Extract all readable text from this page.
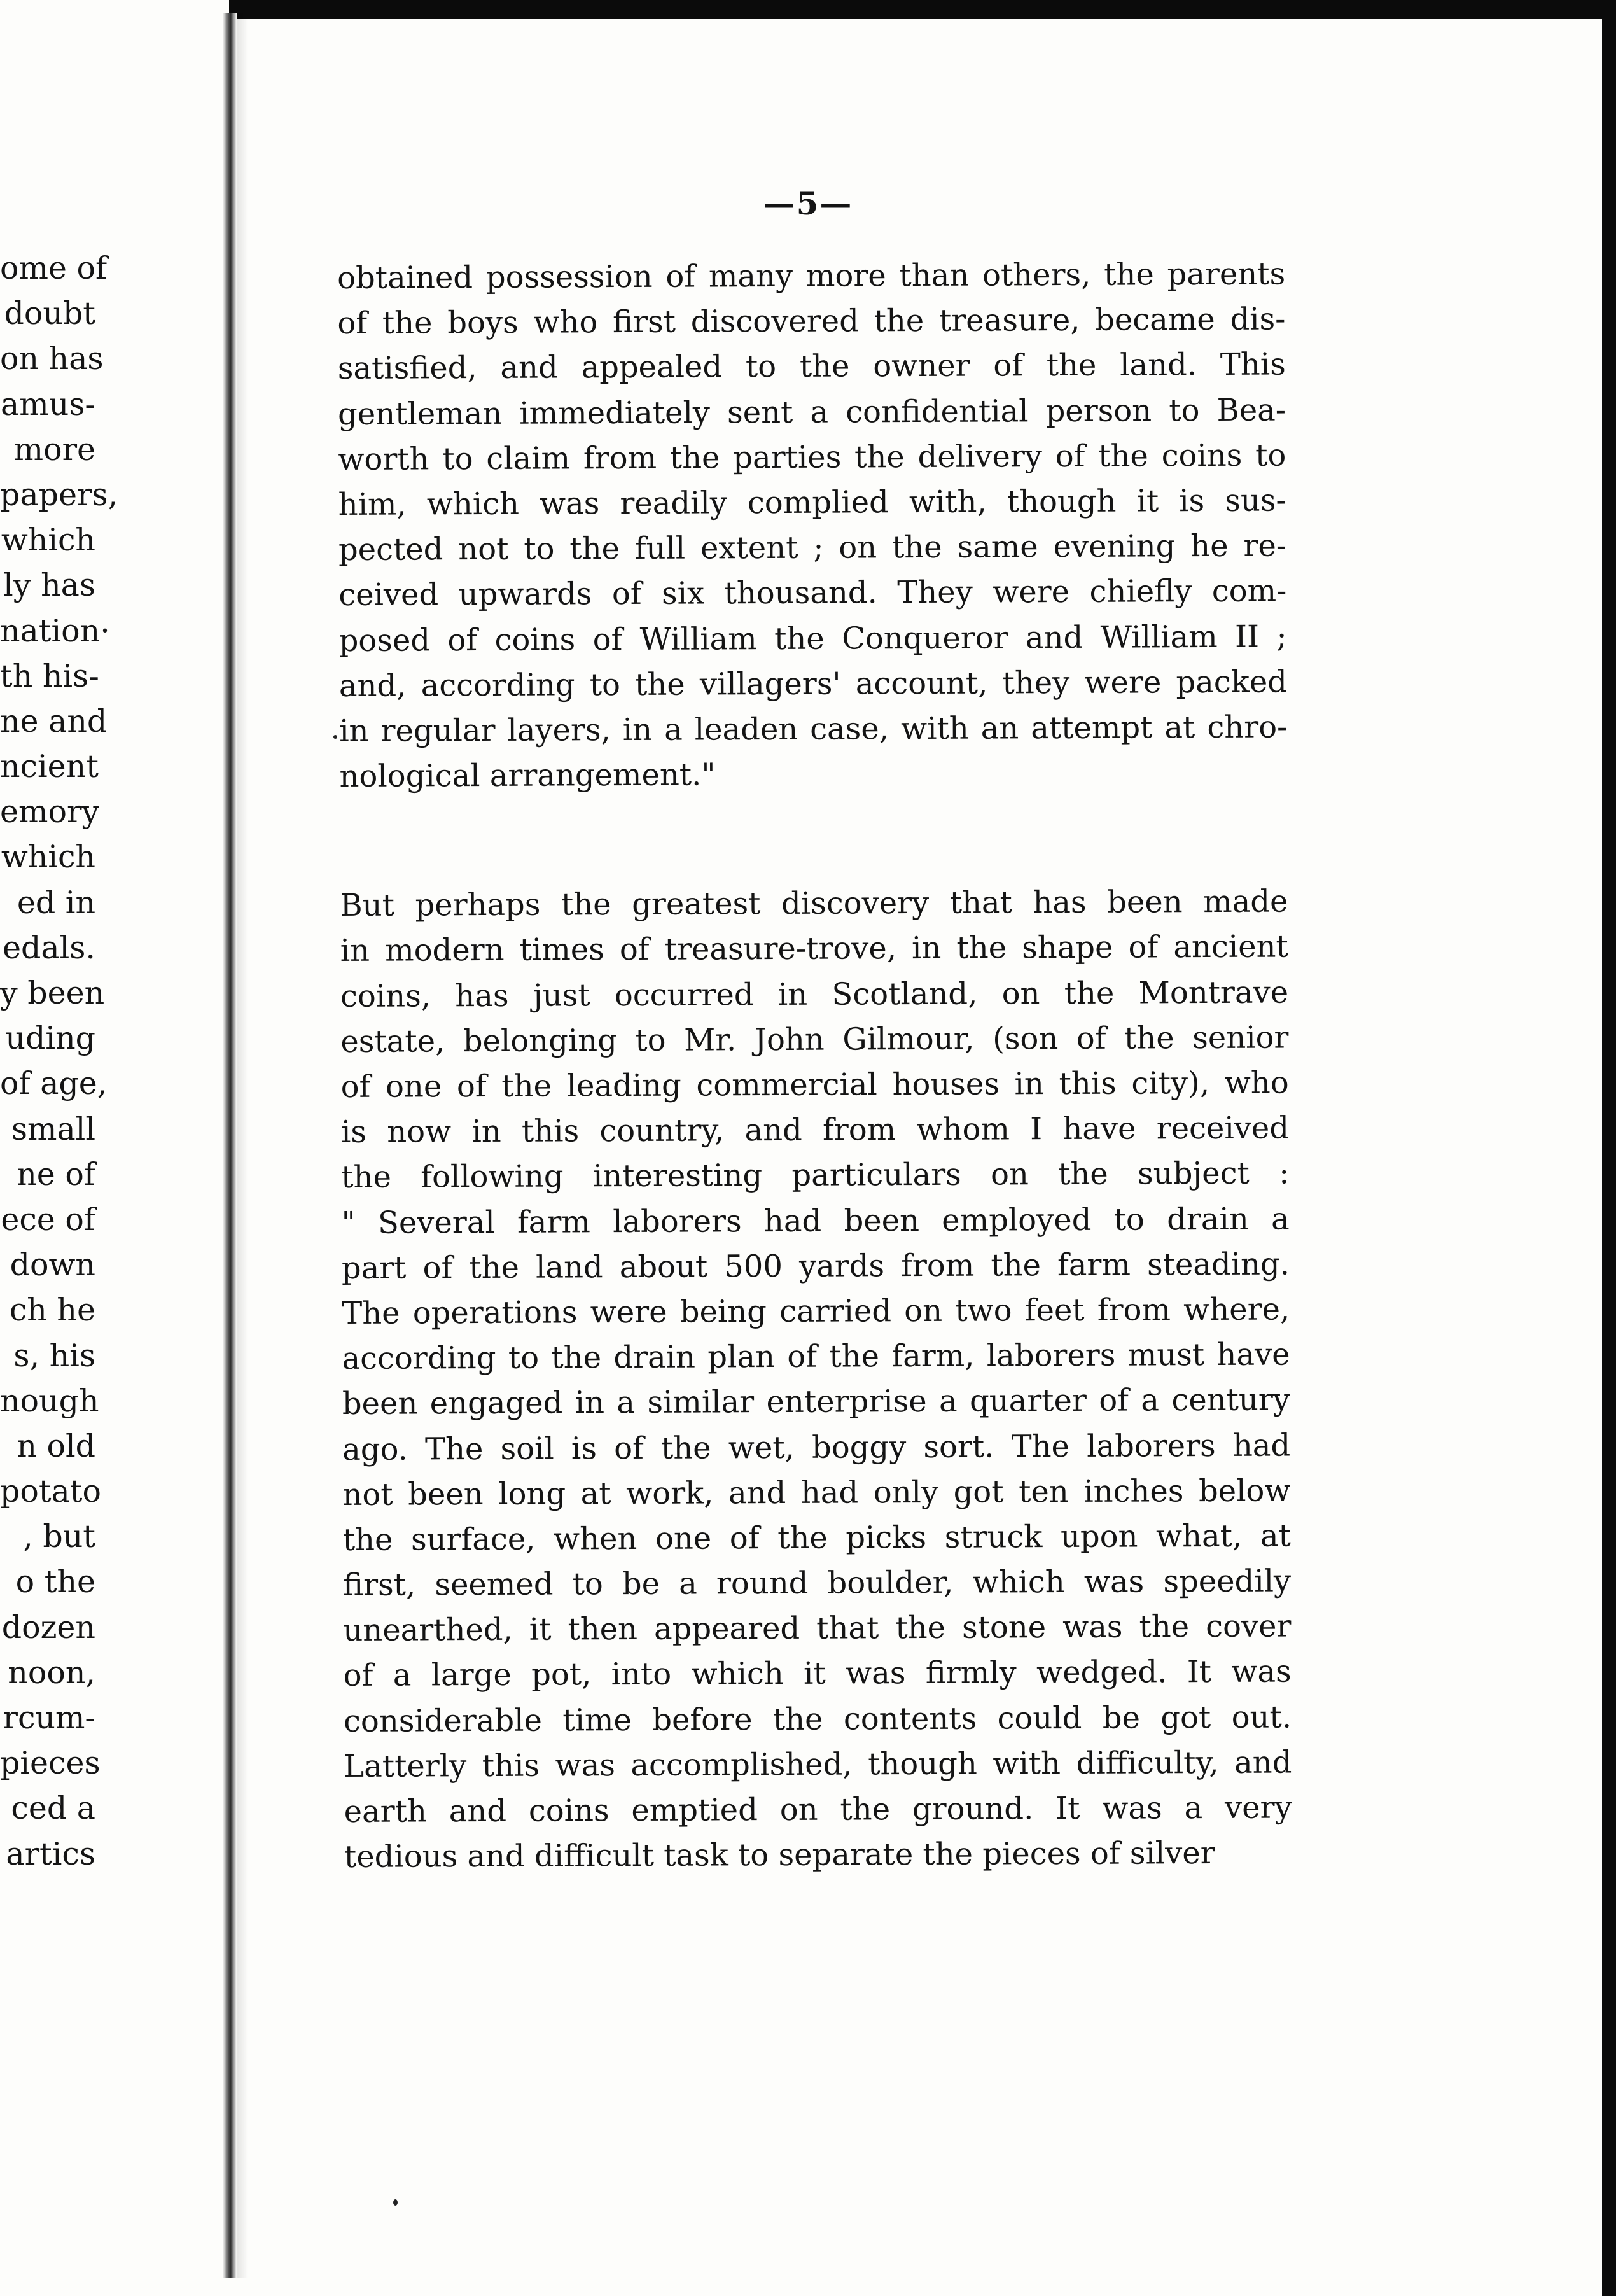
ome of
doubt
on has
amus-
more
papers,
which
ly has
nation·
th his-
ne and
ncient
emory
which
ed in
edals.
y been
uding
of age,
small
ne of
ece of
down
ch he
s, his
nough
n old
potato
, but
o the
dozen
noon,
rcum-
pieces
ced a
artics
—5—
obtained possession of many more than others, the parents
of the boys who first discovered the treasure, became dis-
satisfied, and appealed to the owner of the land. This
gentleman immediately sent a confidential person to Bea-
worth to claim from the parties the delivery of the coins to
him, which was readily complied with, though it is sus-
pected not to the full extent ; on the same evening he re-
ceived upwards of six thousand. They were chiefly com-
posed of coins of William the Conqueror and William II ;
and, according to the villagers' account, they were packed
in regular layers, in a leaden case, with an attempt at chro-
nological arrangement."
But perhaps the greatest discovery that has been made
in modern times of treasure-trove, in the shape of ancient
coins, has just occurred in Scotland, on the Montrave
estate, belonging to Mr. John Gilmour, (son of the senior
of one of the leading commercial houses in this city), who
is now in this country, and from whom I have received
the following interesting particulars on the subject :
" Several farm laborers had been employed to drain a
part of the land about 500 yards from the farm steading.
The operations were being carried on two feet from where,
according to the drain plan of the farm, laborers must have
been engaged in a similar enterprise a quarter of a century
ago. The soil is of the wet, boggy sort. The laborers had
not been long at work, and had only got ten inches below
the surface, when one of the picks struck upon what, at
first, seemed to be a round boulder, which was speedily
unearthed, it then appeared that the stone was the cover
of a large pot, into which it was firmly wedged. It was
considerable time before the contents could be got out.
Latterly this was accomplished, though with difficulty, and
earth and coins emptied on the ground. It was a very
tedious and difficult task to separate the pieces of silver
